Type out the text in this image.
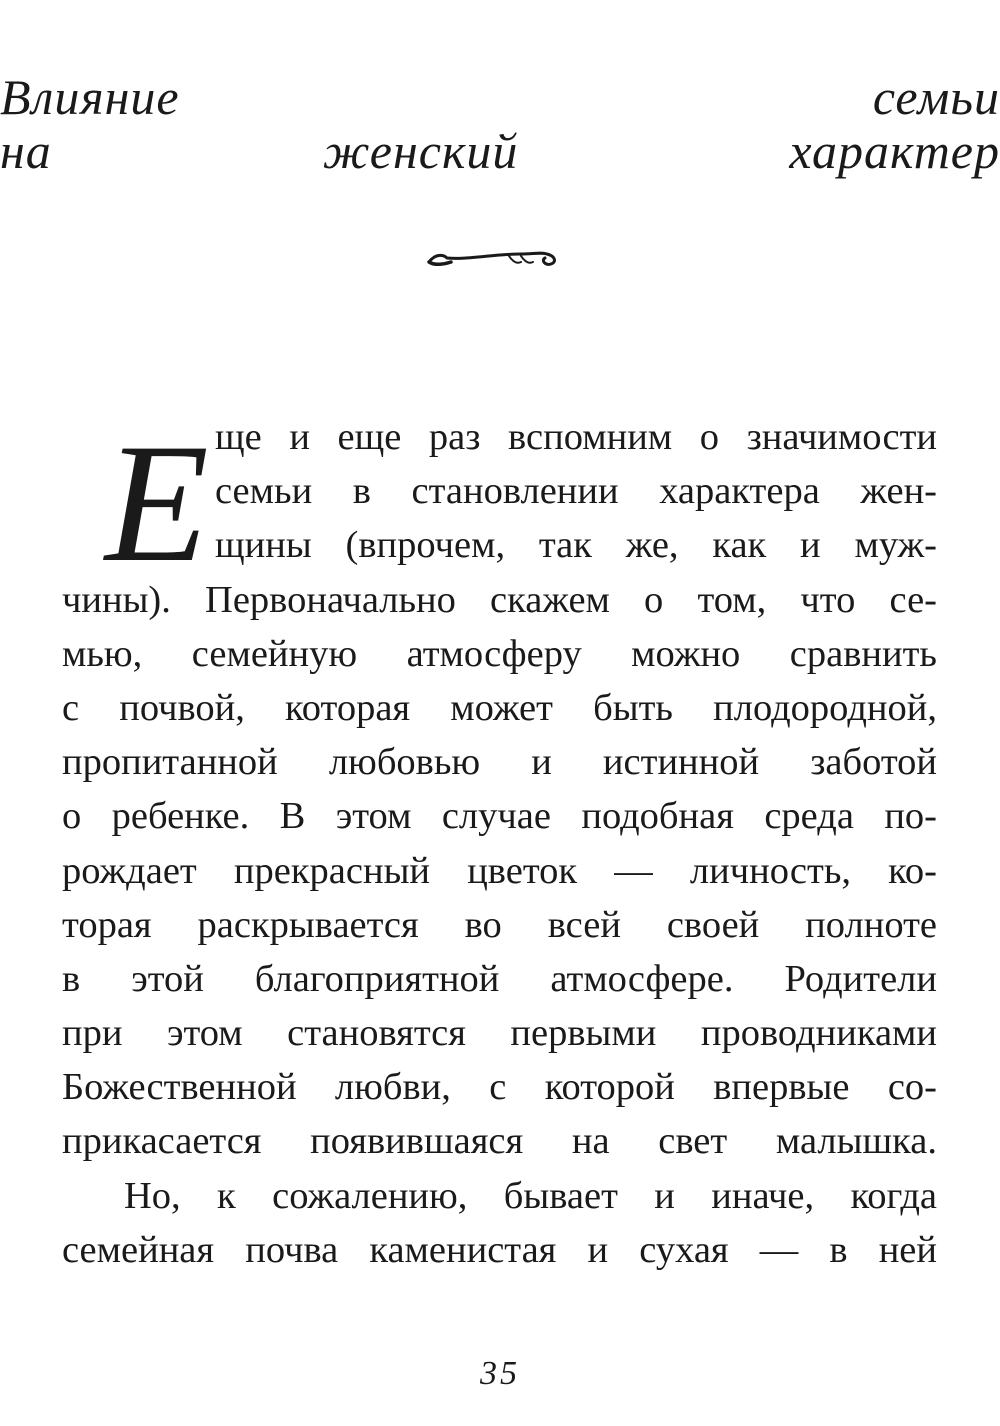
Влияние семьи
на женский характер
Е ще и еще раз вспомним о значимости
семьи в становлении характера жен-
щины (впрочем, так же, как и муж-
чины). Первоначально скажем о том, что се-
мью, семейную атмосферу можно сравнить
с почвой, которая может быть плодородной,
пропитанной любовью и истинной заботой
о ребенке. В этом случае подобная среда по-
рождает прекрасный цветок — личность, ко-
торая раскрывается во всей своей полноте
в этой благоприятной атмосфере. Родители
при этом становятся первыми проводниками
Божественной любви, с которой впервые со-
прикасается появившаяся на свет малышка.
Но, к сожалению, бывает и иначе, когда
семейная почва каменистая и сухая — в ней
35
